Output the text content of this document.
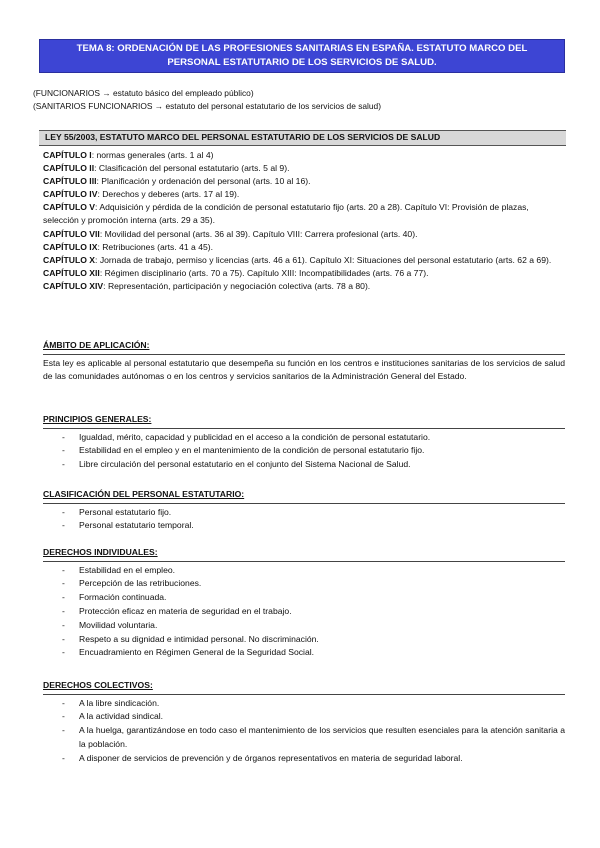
TEMA 8: ORDENACIÓN DE LAS PROFESIONES SANITARIAS EN ESPAÑA. ESTATUTO MARCO DEL
PERSONAL ESTATUTARIO DE LOS SERVICIOS DE SALUD.
(FUNCIONARIOS → estatuto básico del empleado público)
(SANITARIOS FUNCIONARIOS → estatuto del personal estatutario de los servicios de salud)
LEY 55/2003, ESTATUTO MARCO DEL PERSONAL ESTATUTARIO DE LOS SERVICIOS DE SALUD

CAPÍTULO I: normas generales (arts. 1 al 4)

CAPÍTULO II: Clasificación del personal estatutario (arts. 5 al 9).

CAPÍTULO III: Planificación y ordenación del personal (arts. 10 al 16).

CAPÍTULO IV: Derechos y deberes (arts. 17 al 19).

CAPÍTULO V: Adquisición y pérdida de la condición de personal estatutario fijo (arts. 20 a 28). Capítulo VI: Provisión de plazas, selección y promoción interna (arts. 29 a 35).

CAPÍTULO VII: Movilidad del personal (arts. 36 al 39). Capítulo VIII: Carrera profesional (arts. 40).

CAPÍTULO IX: Retribuciones (arts. 41 a 45).

CAPÍTULO X: Jornada de trabajo, permiso y licencias (arts. 46 a 61). Capítulo XI: Situaciones del personal estatutario (arts. 62 a 69).

CAPÍTULO XII: Régimen disciplinario (arts. 70 a 75). Capítulo XIII: Incompatibilidades (arts. 76 a 77).

CAPÍTULO XIV: Representación, participación y negociación colectiva (arts. 78 a 80).

ÁMBITO DE APLICACIÓN:
Esta ley es aplicable al personal estatutario que desempeña su función en los centros e instituciones sanitarias de los servicios de salud de las comunidades autónomas o en los centros y servicios sanitarios de la Administración General del Estado.
PRINCIPIOS GENERALES:
- Igualdad, mérito, capacidad y publicidad en el acceso a la condición de personal estatutario.
- Estabilidad en el empleo y en el mantenimiento de la condición de personal estatutario fijo.
- Libre circulación del personal estatutario en el conjunto del Sistema Nacional de Salud.
CLASIFICACIÓN DEL PERSONAL ESTATUTARIO:
- Personal estatutario fijo.
- Personal estatutario temporal.
DERECHOS INDIVIDUALES:
- Estabilidad en el empleo.
- Percepción de las retribuciones.
- Formación continuada.
- Protección eficaz en materia de seguridad en el trabajo.
- Movilidad voluntaria.
- Respeto a su dignidad e intimidad personal. No discriminación.
- Encuadramiento en Régimen General de la Seguridad Social.
DERECHOS COLECTIVOS:
- A la libre sindicación.
- A la actividad sindical.
- A la huelga, garantizándose en todo caso el mantenimiento de los servicios que resulten esenciales para la atención sanitaria a la población.
- A disponer de servicios de prevención y de órganos representativos en materia de seguridad laboral.
